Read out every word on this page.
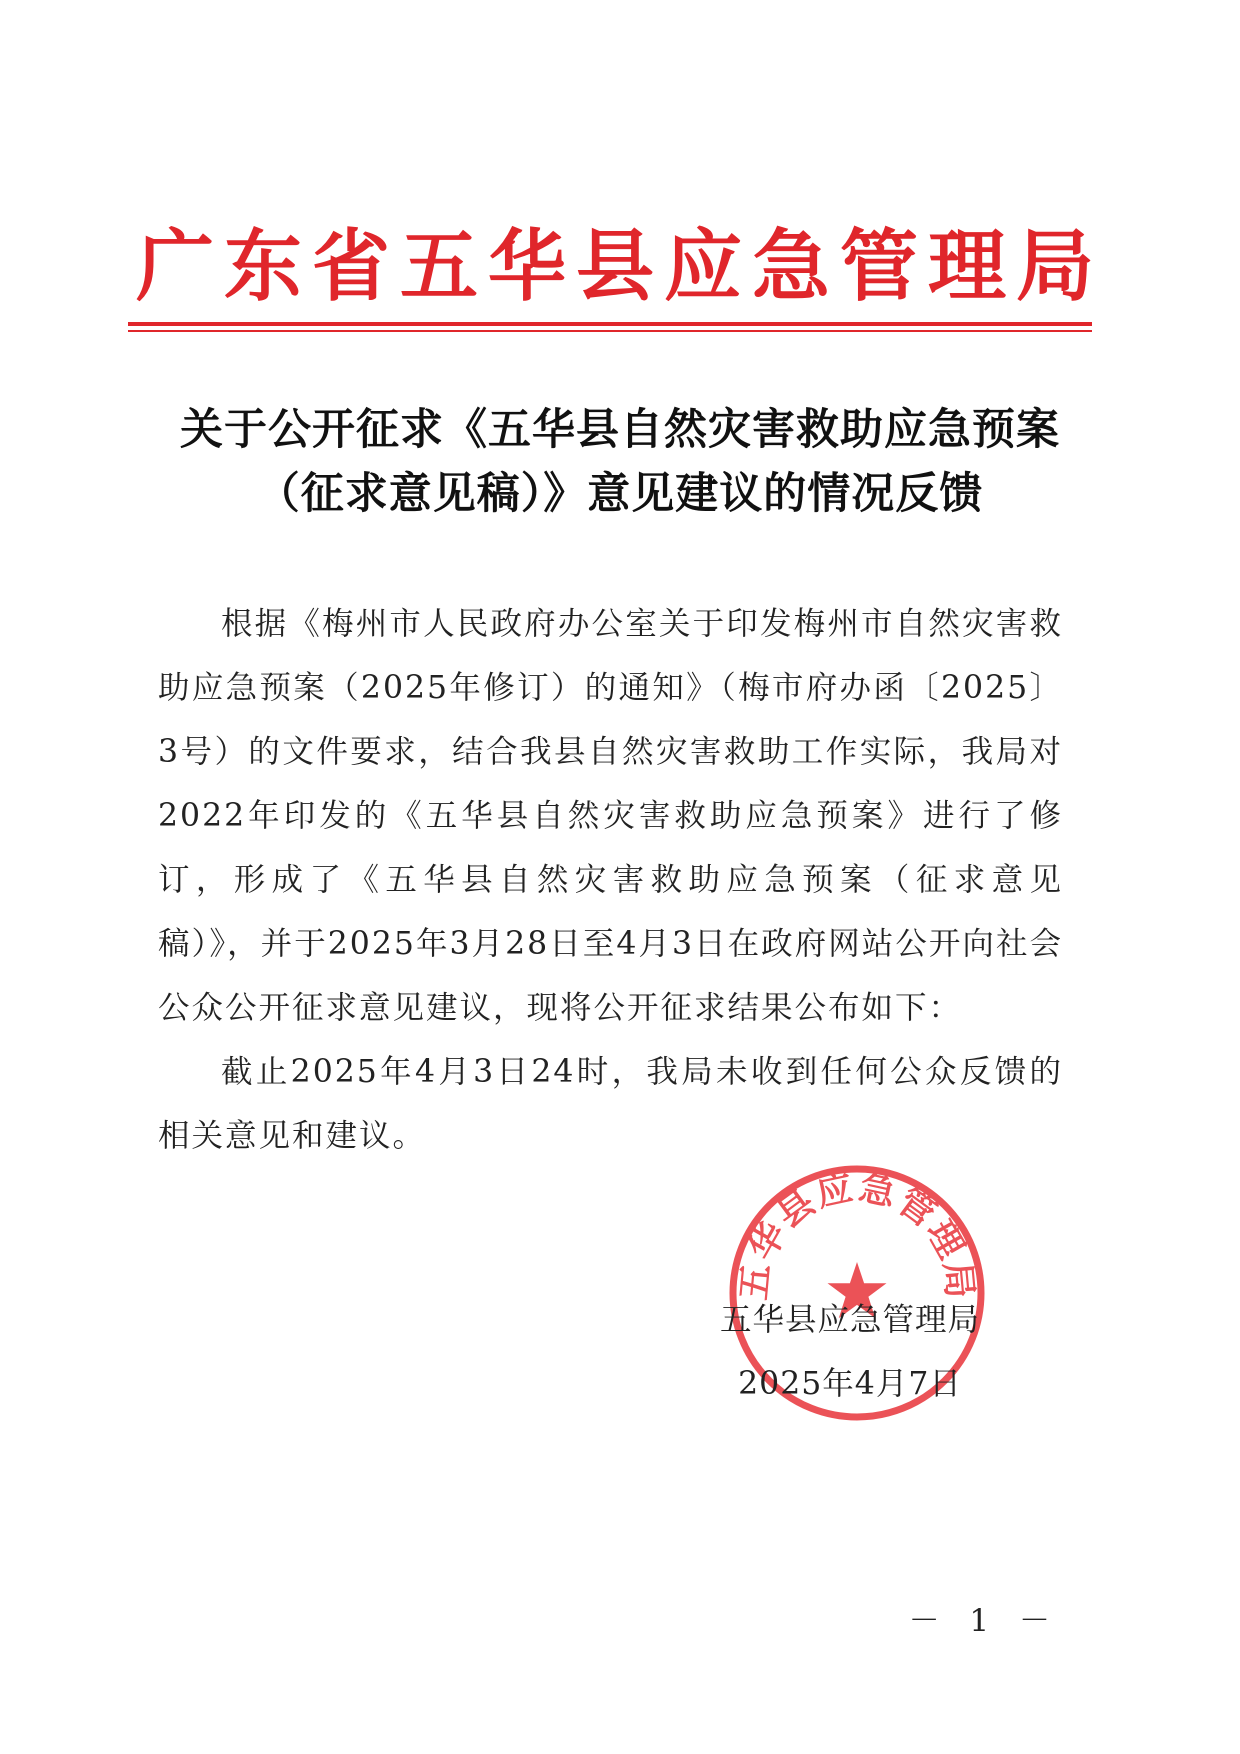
广东省五华县应急管理局
关于公开征求《五华县自然灾害救助应急预案
（征求意见稿）》意见建议的情况反馈

根据《梅州市人民政府办公室关于印发梅州市自然灾害救助应急预案（2025年修订）的通知》（梅市府办函〔2025〕3号）的文件要求，结合我县自然灾害救助工作实际，我局对2022年印发的《五华县自然灾害救助应急预案》进行了修订，形成了《五华县自然灾害救助应急预案（征求意见稿）》，并于2025年3月28日至4月3日在政府网站公开向社会公众公开征求意见建议，现将公开征求结果公布如下：

截止2025年4月3日24时，我局未收到任何公众反馈的相关意见和建议。

五华县应急管理局
五华县应急管理局
2025年4月7日
－ 1 －
